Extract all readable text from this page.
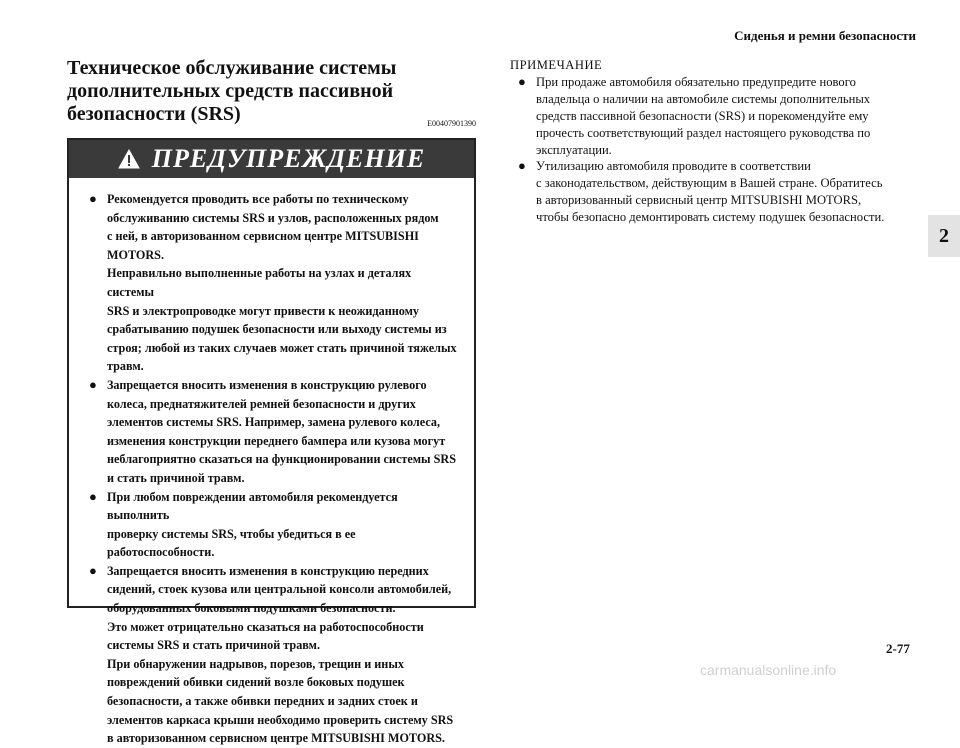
Сиденья и ремни безопасности
2
Техническое обслуживание системы
дополнительных средств пассивной
безопасности (SRS)	E00407901390
ПРЕДУПРЕЖДЕНИЕ
● Рекомендуется проводить все работы по техническому
обслуживанию системы SRS и узлов, расположенных рядом
с ней, в авторизованном сервисном центре MITSUBISHI
MOTORS.
Неправильно выполненные работы на узлах и деталях системы
SRS и электропроводке могут привести к неожиданному
срабатыванию подушек безопасности или выходу системы из
строя; любой из таких случаев может стать причиной тяжелых
травм.
● Запрещается вносить изменения в конструкцию рулевого
колеса, преднатяжителей ремней безопасности и других
элементов системы SRS. Например, замена рулевого колеса,
изменения конструкции переднего бампера или кузова могут
неблагоприятно сказаться на функционировании системы SRS
и стать причиной травм.
● При любом повреждении автомобиля рекомендуется выполнить
проверку системы SRS, чтобы убедиться в ее
работоспособности.
● Запрещается вносить изменения в конструкцию передних
сидений, стоек кузова или центральной консоли автомобилей,
оборудованных боковыми подушками безопасности.
Это может отрицательно сказаться на работоспособности
системы SRS и стать причиной травм.
При обнаружении надрывов, порезов, трещин и иных
повреждений обивки сидений возле боковых подушек
безопасности, а также обивки передних и задних стоек и
элементов каркаса крыши необходимо проверить систему SRS
в авторизованном сервисном центре MITSUBISHI MOTORS.
ПРИМЕЧАНИЕ
● При продаже автомобиля обязательно предупредите нового
владельца о наличии на автомобиле системы дополнительных
средств пассивной безопасности (SRS) и порекомендуйте ему
прочесть соответствующий раздел настоящего руководства по
эксплуатации.
● Утилизацию автомобиля проводите в соответствии
с законодательством, действующим в Вашей стране. Обратитесь
в авторизованный сервисный центр MITSUBISHI MOTORS,
чтобы безопасно демонтировать систему подушек безопасности.
2-77
carmanualsonline.info
